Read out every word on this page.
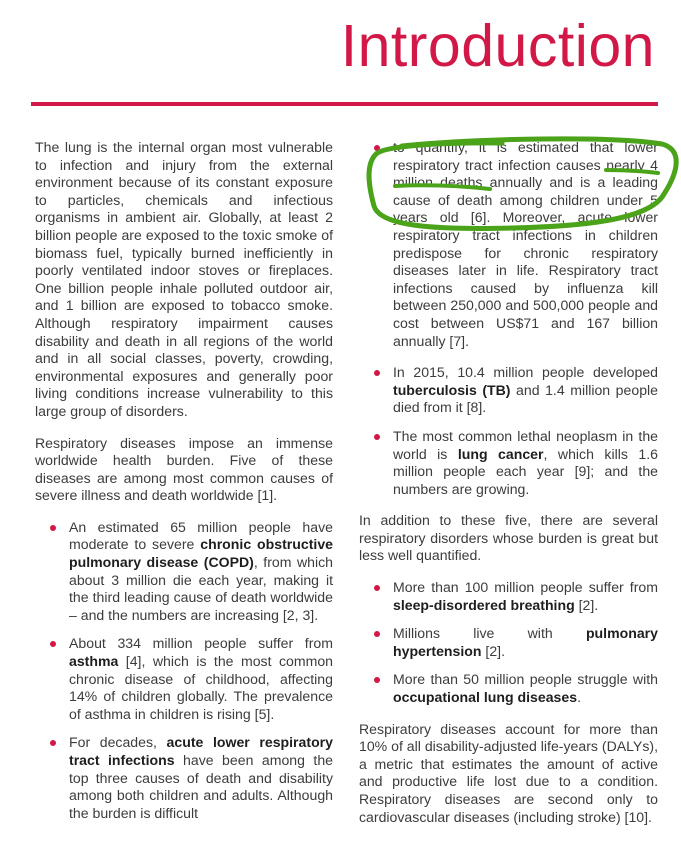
Introduction

The lung is the internal organ most vulnerable to infection and injury from the external environment because of its constant exposure to particles, chemicals and infectious organisms in ambient air. Globally, at least 2 billion people are exposed to the toxic smoke of biomass fuel, typically burned inefficiently in poorly ventilated indoor stoves or fireplaces. One billion people inhale polluted outdoor air, and 1 billion are exposed to tobacco smoke. Although respiratory impairment causes disability and death in all regions of the world and in all social classes, poverty, crowding, environmental exposures and generally poor living conditions increase vulnerability to this large group of disorders.

Respiratory diseases impose an immense worldwide health burden. Five of these diseases are among most common causes of severe illness and death worldwide [1].

An estimated 65 million people have moderate to severe chronic obstructive pulmonary disease (COPD), from which about 3 million die each year, making it the third leading cause of death worldwide – and the numbers are increasing [2, 3].
About 334 million people suffer from asthma [4], which is the most common chronic disease of childhood, affecting 14% of children globally. The prevalence of asthma in children is rising [5].
For decades, acute lower respiratory tract infections have been among the top three causes of death and disability among both children and adults. Although the burden is difficult
to quantify, it is estimated that lower respiratory tract infection causes nearly 4 million deaths annually and is a leading cause of death among children under 5 years old [6]. Moreover, acute lower respiratory tract infections in children predispose for chronic respiratory diseases later in life. Respiratory tract infections caused by influenza kill between 250,000 and 500,000 people and cost between US$71 and 167 billion annually [7].
In 2015, 10.4 million people developed tuberculosis (TB) and 1.4 million people died from it [8].
The most common lethal neoplasm in the world is lung cancer, which kills 1.6 million people each year [9]; and the numbers are growing.

In addition to these five, there are several respiratory disorders whose burden is great but less well quantified.

More than 100 million people suffer from sleep-disordered breathing [2].
Millions live with pulmonary hypertension [2].
More than 50 million people struggle with occupational lung diseases.

Respiratory diseases account for more than 10% of all disability-adjusted life-years (DALYs), a metric that estimates the amount of active and productive life lost due to a condition. Respiratory diseases are second only to cardiovascular diseases (including stroke) [10].
